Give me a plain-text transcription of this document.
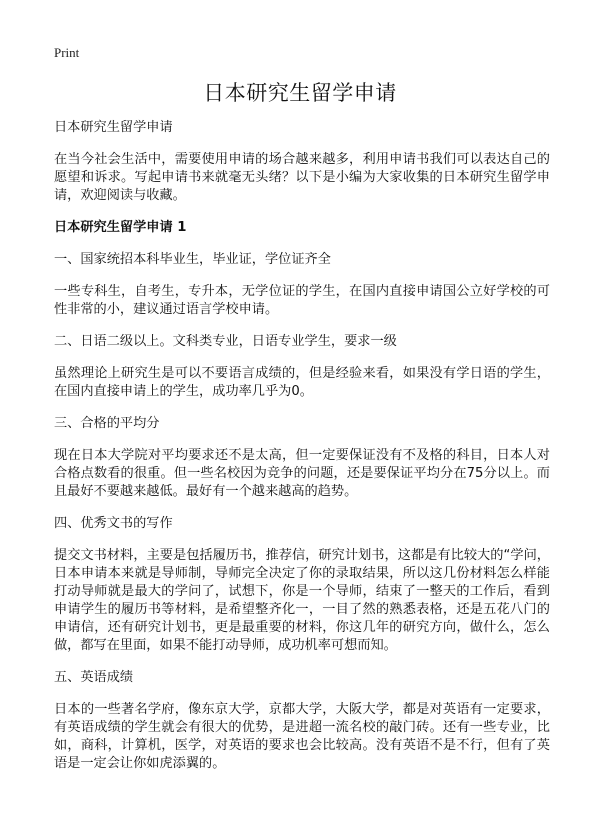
Print
日本研究生留学申请

日本研究生留学申请

在当今社会生活中，需要使用申请的场合越来越多，利用申请书我们可以表达自己的愿望和诉求。写起申请书来就毫无头绪？以下是小编为大家收集的日本研究生留学申请，欢迎阅读与收藏。

日本研究生留学申请 1

一、国家统招本科毕业生，毕业证，学位证齐全

一些专科生，自考生，专升本，无学位证的学生，在国内直接申请国公立好学校的可性非常的小，建议通过语言学校申请。

二、日语二级以上。文科类专业，日语专业学生，要求一级

虽然理论上研究生是可以不要语言成绩的，但是经验来看，如果没有学日语的学生，在国内直接申请上的学生，成功率几乎为0。

三、合格的平均分

现在日本大学院对平均要求还不是太高，但一定要保证没有不及格的科目，日本人对合格点数看的很重。但一些名校因为竞争的问题，还是要保证平均分在75分以上。而且最好不要越来越低。最好有一个越来越高的趋势。

四、优秀文书的写作

提交文书材料，主要是包括履历书，推荐信，研究计划书，这都是有比较大的“学问，日本申请本来就是导师制，导师完全决定了你的录取结果，所以这几份材料怎么样能打动导师就是最大的学问了，试想下，你是一个导师，结束了一整天的工作后，看到申请学生的履历书等材料，是希望整齐化一，一目了然的熟悉表格，还是五花八门的申请信，还有研究计划书，更是最重要的材料，你这几年的研究方向，做什么，怎么做，都写在里面，如果不能打动导师，成功机率可想而知。

五、英语成绩

日本的一些著名学府，像东京大学，京都大学，大阪大学，都是对英语有一定要求，有英语成绩的学生就会有很大的优势，是进超一流名校的敲门砖。还有一些专业，比如，商科，计算机，医学，对英语的要求也会比较高。没有英语不是不行，但有了英语是一定会让你如虎添翼的。
